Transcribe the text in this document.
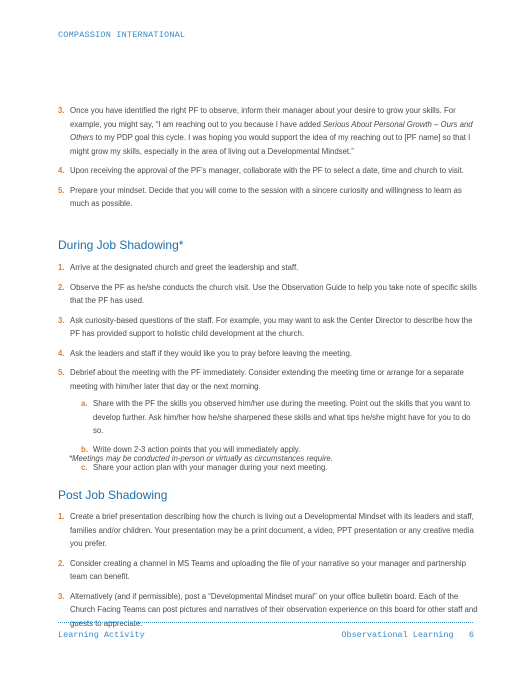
COMPASSION INTERNATIONAL
3. Once you have identified the right PF to observe, inform their manager about your desire to grow your skills. For example, you might say, “I am reaching out to you because I have added Serious About Personal Growth – Ours and Others to my PDP goal this cycle. I was hoping you would support the idea of my reaching out to [PF name] so that I might grow my skills, especially in the area of living out a Developmental Mindset.”
4. Upon receiving the approval of the PF’s manager, collaborate with the PF to select a date, time and church to visit.
5. Prepare your mindset. Decide that you will come to the session with a sincere curiosity and willingness to learn as much as possible.
During Job Shadowing*
1. Arrive at the designated church and greet the leadership and staff.
2. Observe the PF as he/she conducts the church visit. Use the Observation Guide to help you take note of specific skills that the PF has used.
3. Ask curiosity-based questions of the staff. For example, you may want to ask the Center Director to describe how the PF has provided support to holistic child development at the church.
4. Ask the leaders and staff if they would like you to pray before leaving the meeting.
5. Debrief about the meeting with the PF immediately. Consider extending the meeting time or arrange for a separate meeting with him/her later that day or the next morning.
a. Share with the PF the skills you observed him/her use during the meeting. Point out the skills that you want to develop further. Ask him/her how he/she sharpened these skills and what tips he/she might have for you to do so.
b. Write down 2-3 action points that you will immediately apply.
c. Share your action plan with your manager during your next meeting.
*Meetings may be conducted in-person or virtually as circumstances require.
Post Job Shadowing
1. Create a brief presentation describing how the church is living out a Developmental Mindset with its leaders and staff, families and/or children. Your presentation may be a print document, a video, PPT presentation or any creative media you prefer.
2. Consider creating a channel in MS Teams and uploading the file of your narrative so your manager and partnership team can benefit.
3. Alternatively (and if permissible), post a “Developmental Mindset mural” on your office bulletin board. Each of the Church Facing Teams can post pictures and narratives of their observation experience on this board for other staff and guests to appreciate.
Learning Activity	Observational Learning   6
